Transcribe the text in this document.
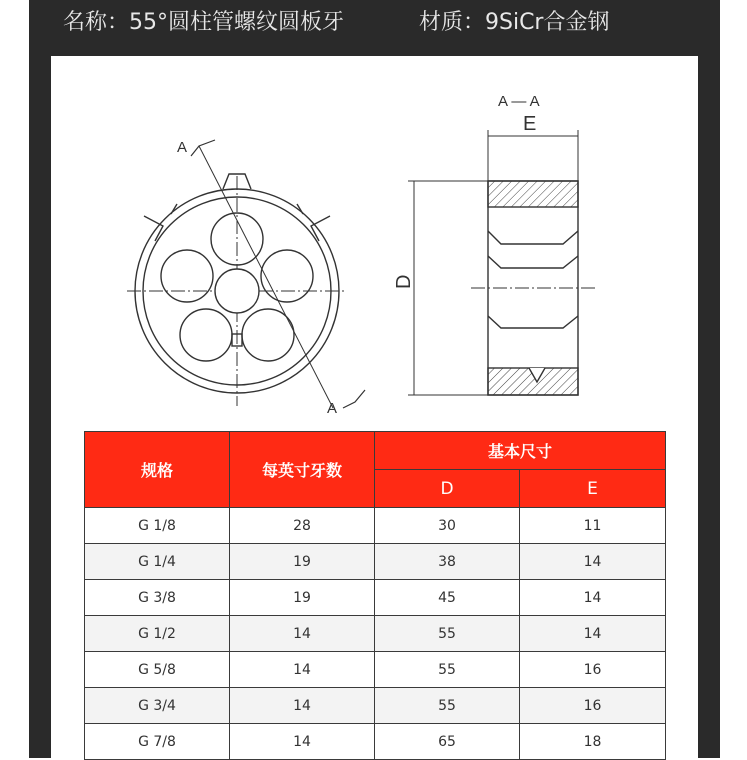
名称：55°圆柱管螺纹圆板牙	材质：9SiCr合金钢
A
A
A — A
E
D
规格	每英寸牙数	基本尺寸	
		D	E
G 1/8	28	30	11
G 1/4	19	38	14
G 3/8	19	45	14
G 1/2	14	55	14
G 5/8	14	55	16
G 3/4	14	55	16
G 7/8	14	65	18
